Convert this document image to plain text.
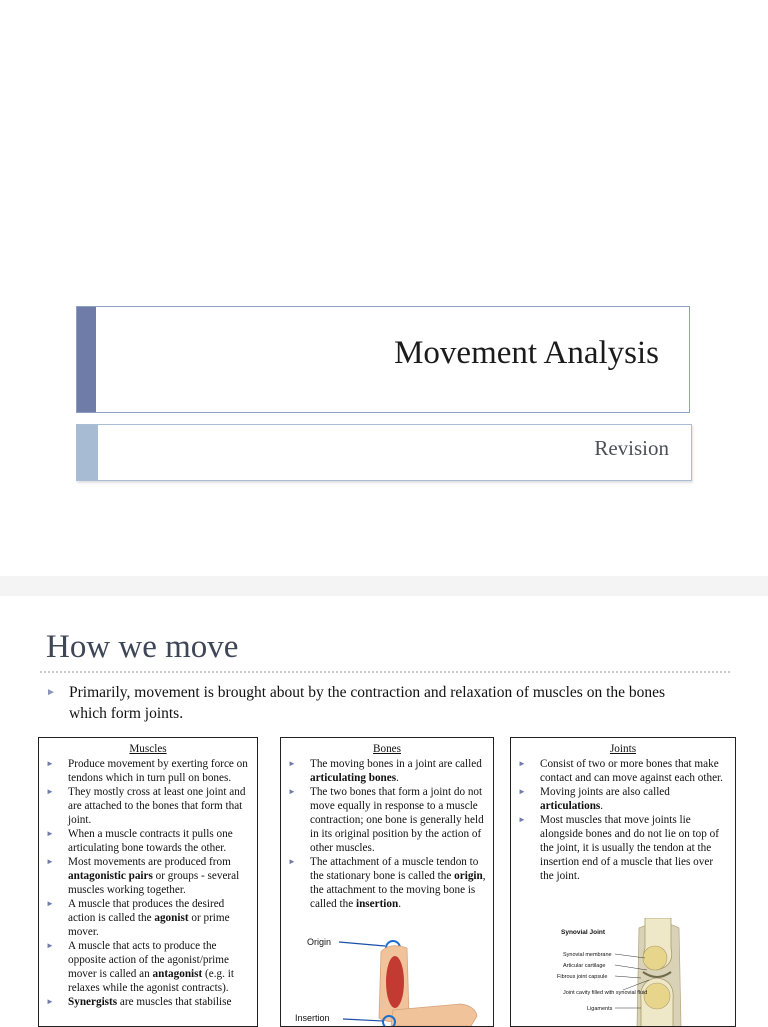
Movement Analysis
Revision
How we move
► Primarily, movement is brought about by the contraction and relaxation of muscles on the bones which form joints.
Muscles
► Produce movement by exerting force on tendons which in turn pull on bones.
► They mostly cross at least one joint and are attached to the bones that form that joint.
► When a muscle contracts it pulls one articulating bone towards the other.
► Most movements are produced from antagonistic pairs or groups - several muscles working together.
► A muscle that produces the desired action is called the agonist or prime mover.
► A muscle that acts to produce the opposite action of the agonist/prime mover is called an antagonist (e.g. it relaxes while the agonist contracts).
► Synergists are muscles that stabilise
Bones
► The moving bones in a joint are called articulating bones.
► The two bones that form a joint do not move equally in response to a muscle contraction; one bone is generally held in its original position by the action of other muscles.
► The attachment of a muscle tendon to the stationary bone is called the origin, the attachment to the moving bone is called the insertion.
Origin
Insertion
Joints
► Consist of two or more bones that make contact and can move against each other.
► Moving joints are also called articulations.
► Most muscles that move joints lie alongside bones and do not lie on top of the joint, it is usually the tendon at the insertion end of a muscle that lies over the joint.
Synovial Joint
Synovial membrane
Articular cartilage
Fibrous joint capsule
Joint cavity filled with synovial fluid
Ligaments
